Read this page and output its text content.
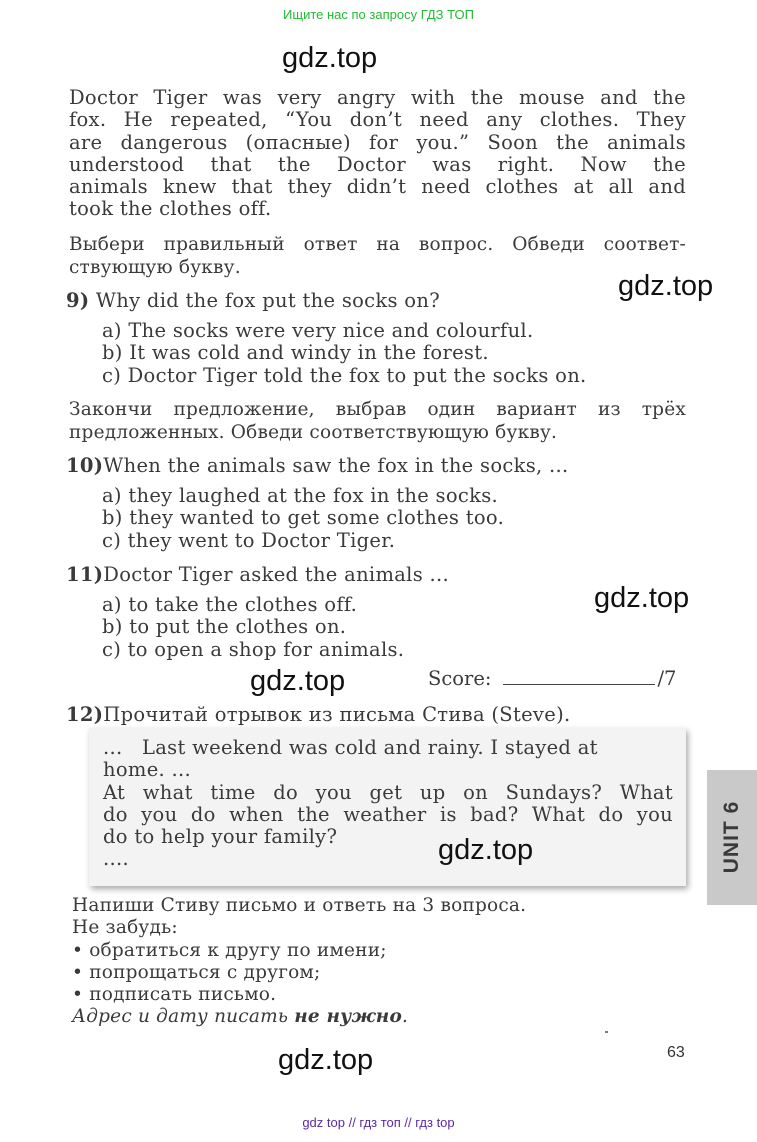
Ищите нас по запросу ГДЗ ТОП
gdz.top
Doctor Tiger was very angry with the mouse and the
fox. He repeated, “You don’t need any clothes. They
are dangerous (опасные) for you.” Soon the animals
understood that the Doctor was right. Now the
animals knew that they didn’t need clothes at all and
took the clothes off.
Выбери правильный ответ на вопрос. Обведи соответ-
ствующую букву.
gdz.top
9) Why did the fox put the socks on?
a) The socks were very nice and colourful.
b) It was cold and windy in the forest.
c) Doctor Tiger told the fox to put the socks on.
Закончи предложение, выбрав один вариант из трёх
предложенных. Обведи соответствующую букву.
10)When the animals saw the fox in the socks, ...
a) they laughed at the fox in the socks.
b) they wanted to get some clothes too.
c) they went to Doctor Tiger.
11)Doctor Tiger asked the animals ...
gdz.top
a) to take the clothes off.
b) to put the clothes on.
c) to open a shop for animals.
gdz.top	Score:	/7
12)Прочитай отрывок из письма Стива (Steve).
...   Last weekend was cold and rainy. I stayed at
home. ...
At what time do you get up on Sundays? What
do you do when the weather is bad? What do you
do to help your family?
....	gdz.top	UNIT 6
Напиши Стиву письмо и ответь на 3 вопроса.
Не забудь:
• обратиться к другу по имени;
• попрощаться с другом;
• подписать письмо.
Адрес и дату писать не нужно.
gdz.top	63
gdz top // гдз топ // гдз top
